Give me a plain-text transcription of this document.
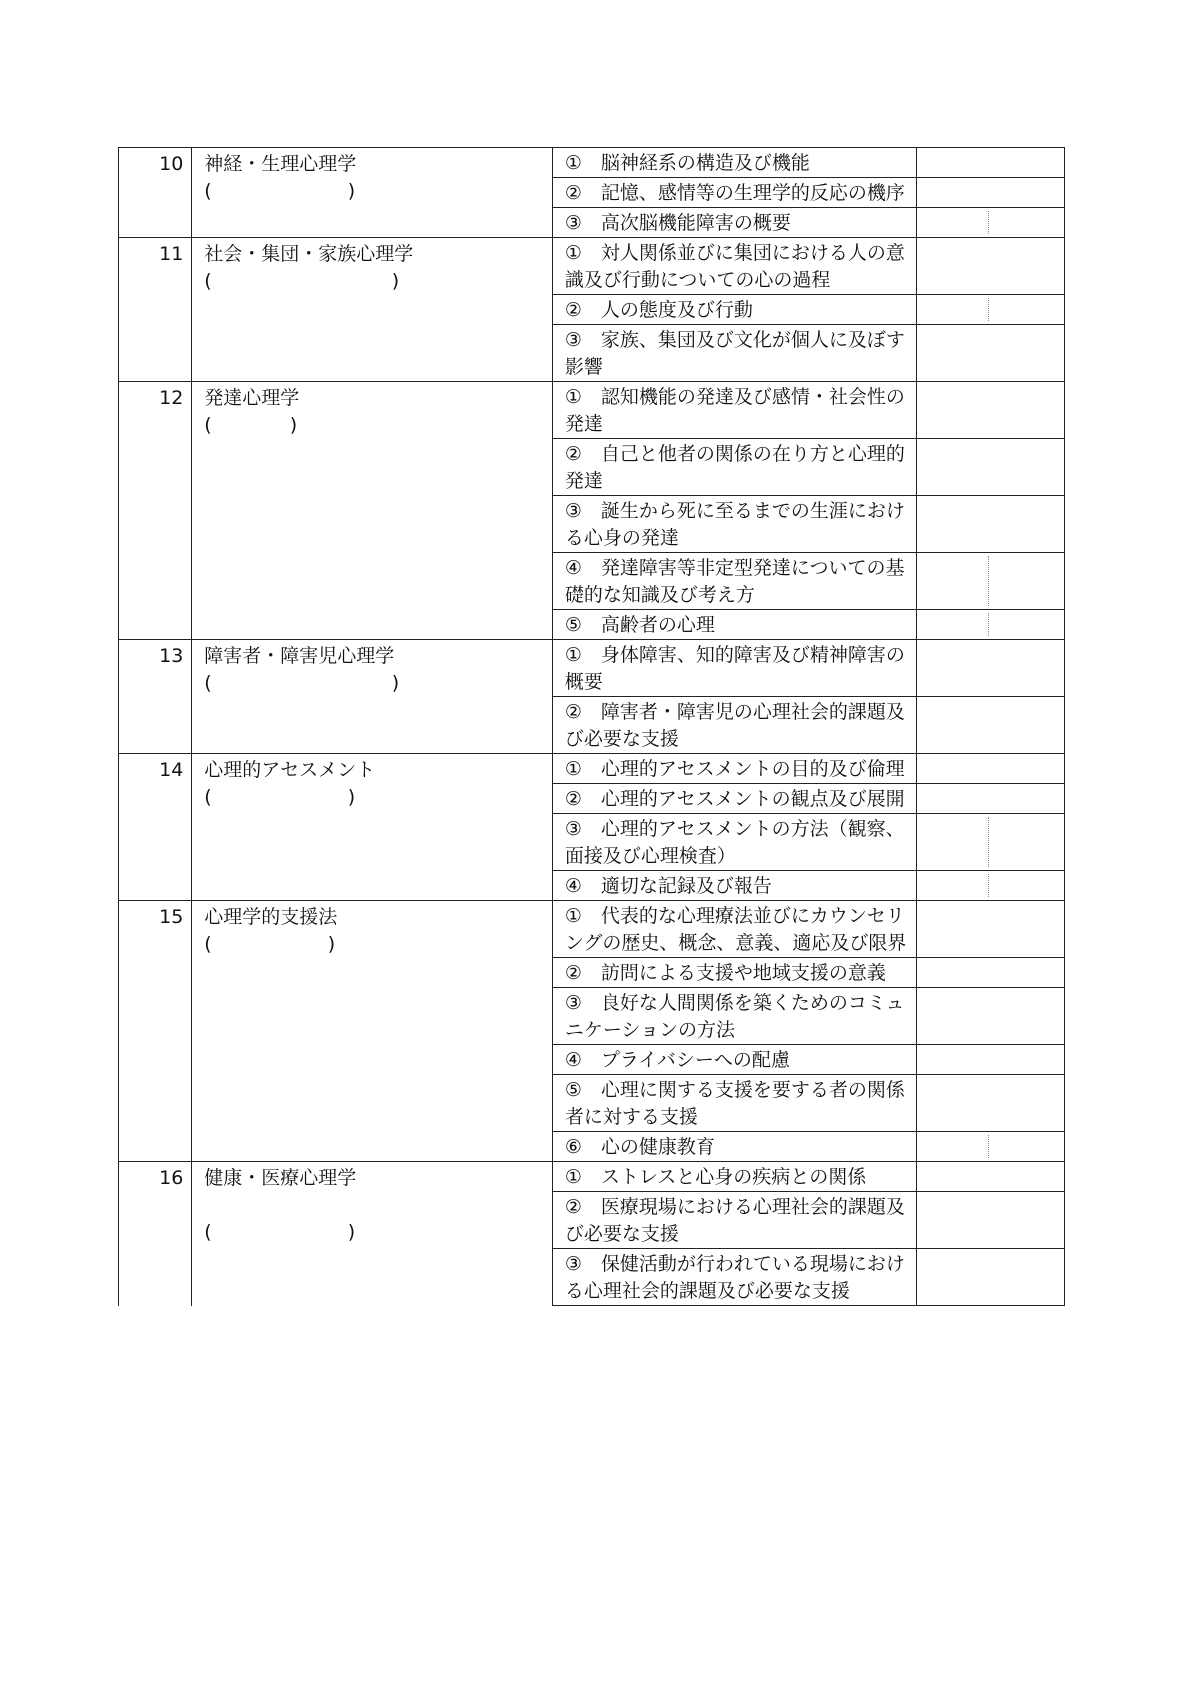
10	神経・生理心理学
( )	①　脳神経系の構造及び機能	
		②　記憶、感情等の生理学的反応の機序	
		③　高次脳機能障害の概要	
11	社会・集団・家族心理学
( )	①　対人関係並びに集団における人の意識及び行動についての心の過程	
		②　人の態度及び行動	
		③　家族、集団及び文化が個人に及ぼす影響	
12	発達心理学
( )	①　認知機能の発達及び感情・社会性の発達	
		②　自己と他者の関係の在り方と心理的発達	
		③　誕生から死に至るまでの生涯における心身の発達	
		④　発達障害等非定型発達についての基礎的な知識及び考え方	
		⑤　高齢者の心理	
13	障害者・障害児心理学
( )	①　身体障害、知的障害及び精神障害の概要	
		②　障害者・障害児の心理社会的課題及び必要な支援	
14	心理的アセスメント
( )	①　心理的アセスメントの目的及び倫理	
		②　心理的アセスメントの観点及び展開	
		③　心理的アセスメントの方法（観察、面接及び心理検査）	
		④　適切な記録及び報告	
15	心理学的支援法
( )	①　代表的な心理療法並びにカウンセリングの歴史、概念、意義、適応及び限界	
		②　訪問による支援や地域支援の意義	
		③　良好な人間関係を築くためのコミュニケーションの方法	
		④　プライバシーへの配慮	
		⑤　心理に関する支援を要する者の関係者に対する支援	
		⑥　心の健康教育	
16	健康・医療心理学
( )	①　ストレスと心身の疾病との関係	
		②　医療現場における心理社会的課題及び必要な支援	
		③　保健活動が行われている現場における心理社会的課題及び必要な支援	
